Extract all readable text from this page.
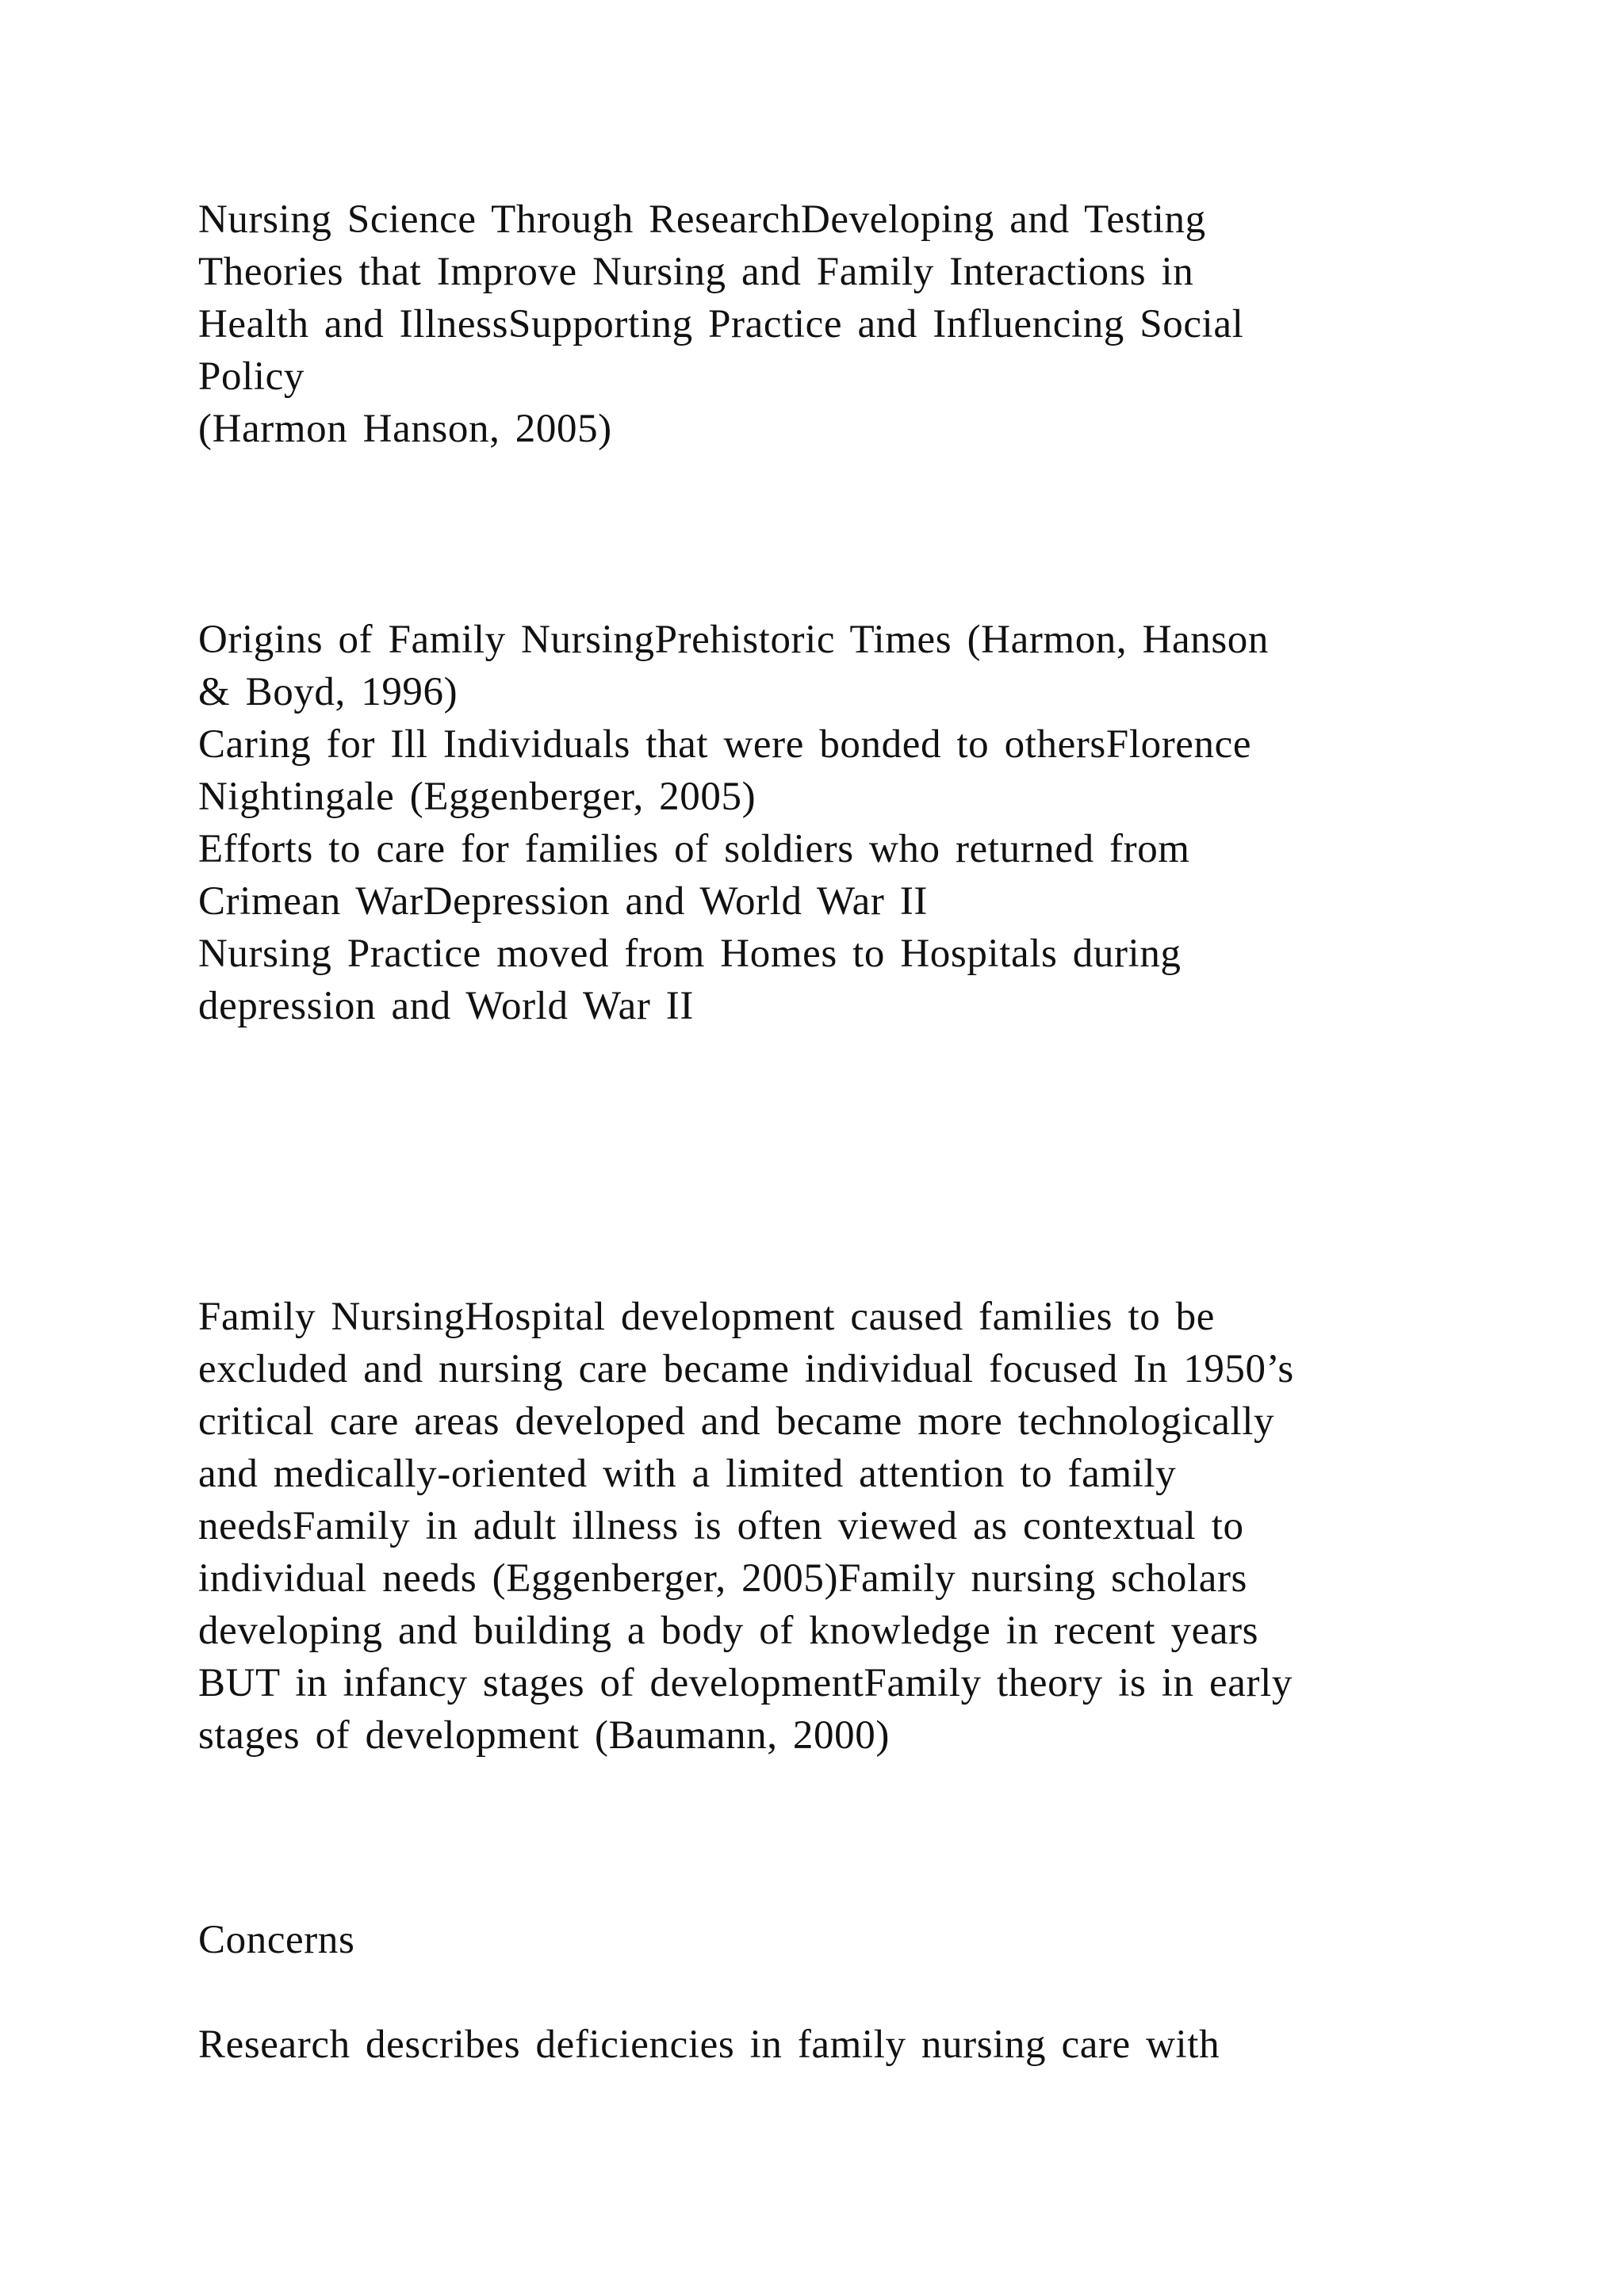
Nursing Science Through ResearchDeveloping and Testing
Theories that Improve Nursing and Family Interactions in
Health and IllnessSupporting Practice and Influencing Social
Policy
(Harmon Hanson, 2005)
Origins of Family NursingPrehistoric Times (Harmon, Hanson
& Boyd, 1996)
Caring for Ill Individuals that were bonded to othersFlorence
Nightingale (Eggenberger, 2005)
Efforts to care for families of soldiers who returned from
Crimean WarDepression and World War II
Nursing Practice moved from Homes to Hospitals during
depression and World War II
Family NursingHospital development caused families to be
excluded and nursing care became individual focused In 1950’s
critical care areas developed and became more technologically
and medically-oriented with a limited attention to family
needsFamily in adult illness is often viewed as contextual to
individual needs (Eggenberger, 2005)Family nursing scholars
developing and building a body of knowledge in recent years
BUT in infancy stages of developmentFamily theory is in early
stages of development (Baumann, 2000)
Concerns
Research describes deficiencies in family nursing care with
